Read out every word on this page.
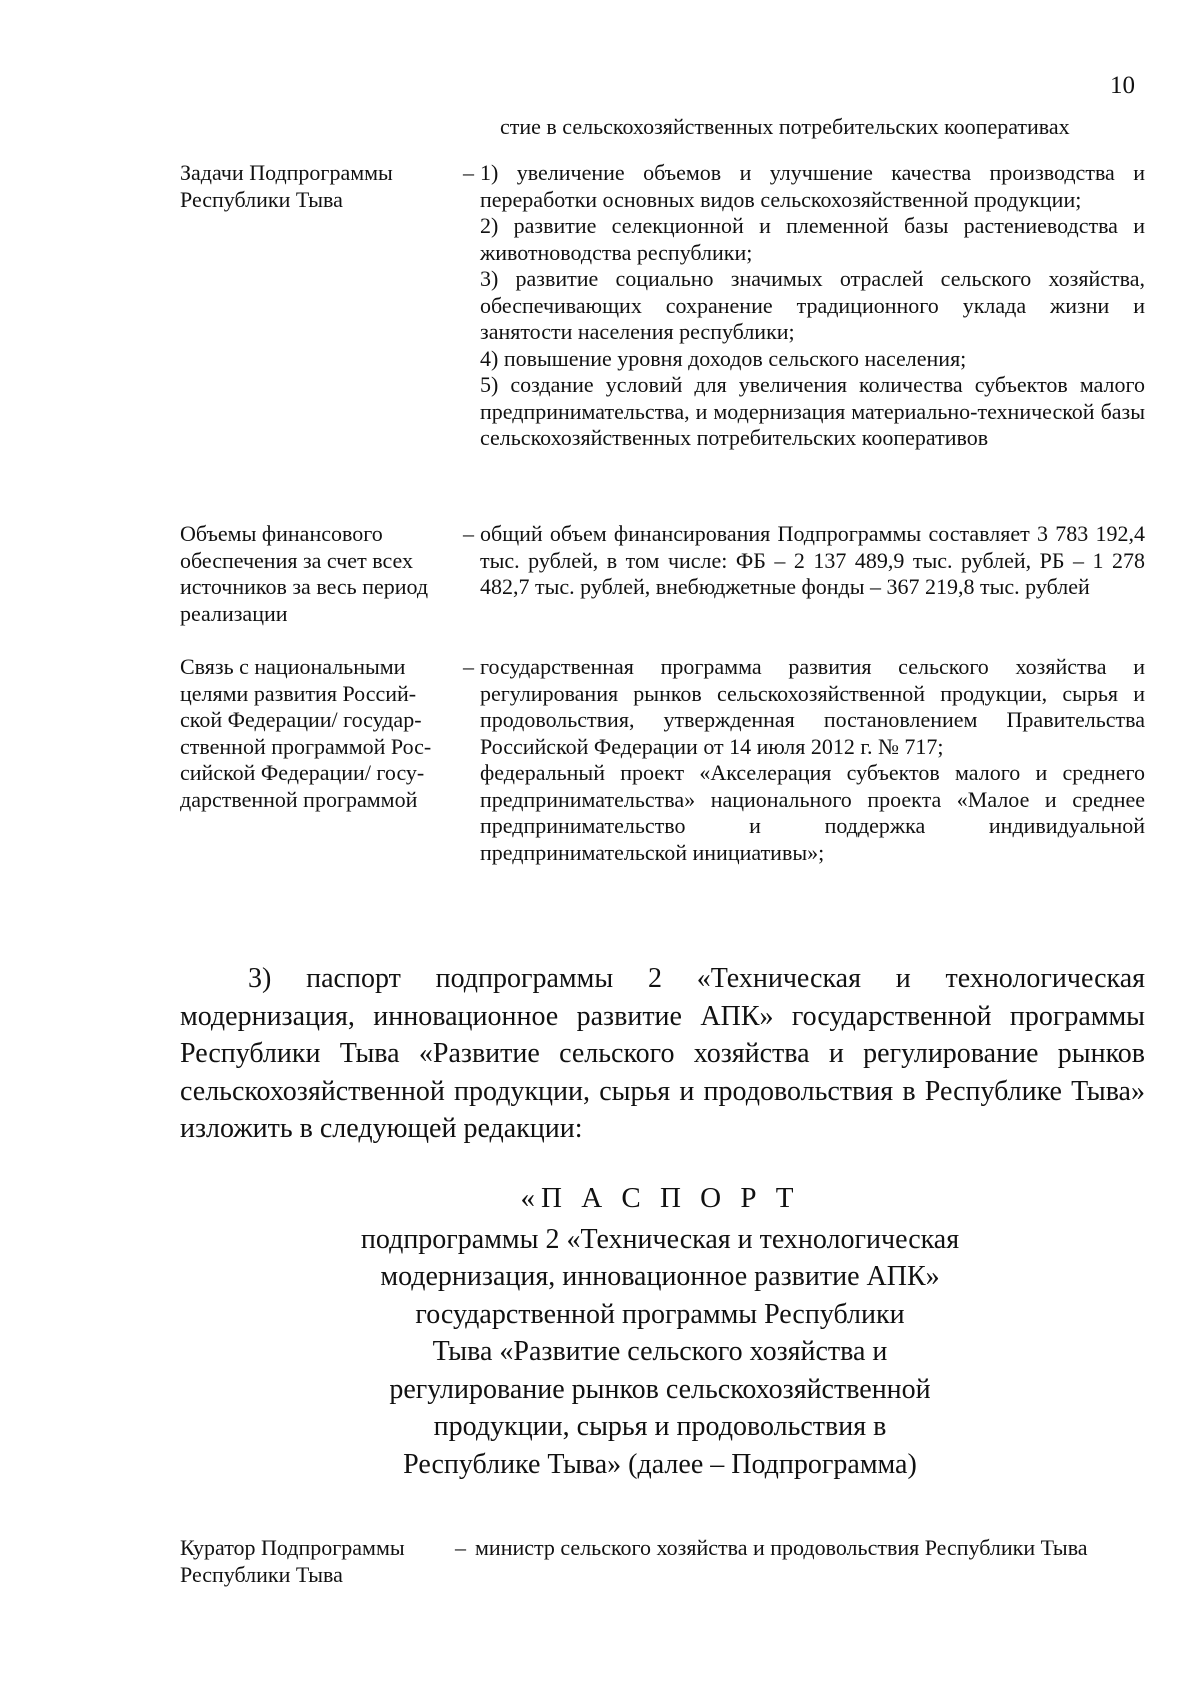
10
стие в сельскохозяйственных потребительских кооперативах
Задачи Подпрограммы
Республики Тыва
– 1) увеличение объемов и улучшение качества производства и переработки основных видов сельскохозяйственной продукции;

2) развитие селекционной и племенной базы растениеводства и животноводства республики;

3) развитие социально значимых отраслей сельского хозяйства, обеспечивающих сохранение традиционного уклада жизни и занятости населения республики;

4) повышение уровня доходов сельского населения;

5) создание условий для увеличения количества субъектов малого предпринимательства, и модернизация материально-технической базы сельскохозяйственных потребительских кооперативов

Объемы финансового
обеспечения за счет всех
источников за весь период
реализации
– общий объем финансирования Подпрограммы составляет 3 783 192,4 тыс. рублей, в том числе: ФБ – 2 137 489,9 тыс. рублей, РБ – 1 278 482,7 тыс. рублей, внебюджетные фонды – 367 219,8 тыс. рублей

Связь с национальными
целями развития Россий-
ской Федерации/ государ-
ственной программой Рос-
сийской Федерации/ госу-
дарственной программой
– государственная программа развития сельского хозяйства и регулирования рынков сельскохозяйственной продукции, сырья и продовольствия, утвержденная постановлением Правительства Российской Федерации от 14 июля 2012 г. № 717;

федеральный проект «Акселерация субъектов малого и среднего предпринимательства» национального проекта «Малое и среднее предпринимательство и поддержка индивидуальной предпринимательской инициативы»;

3) паспорт подпрограммы 2 «Техническая и технологическая модернизация, инновационное развитие АПК» государственной программы Республики Тыва «Развитие сельского хозяйства и регулирование рынков сельскохозяйственной продукции, сырья и продовольствия в Республике Тыва» изложить в следующей редакции:
«П А С П О Р Т
подпрограммы 2 «Техническая и технологическая
модернизация, инновационное развитие АПК»
государственной программы Республики
Тыва «Развитие сельского хозяйства и
регулирование рынков сельскохозяйственной
продукции, сырья и продовольствия в
Республике Тыва» (далее – Подпрограмма)
Куратор Подпрограммы
Республики Тыва
– министр сельского хозяйства и продовольствия Республики Тыва
